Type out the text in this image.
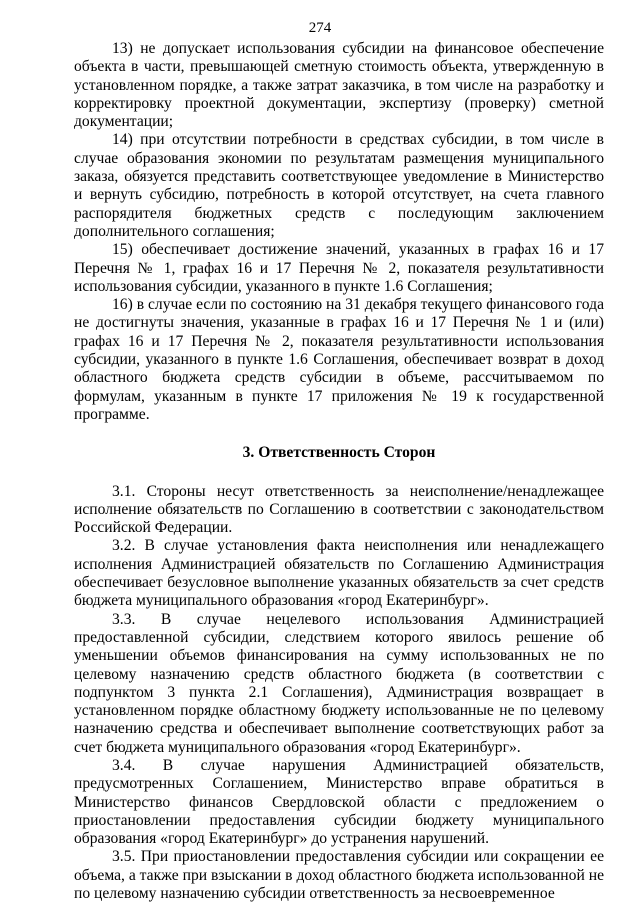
274

13) не допускает использования субсидии на финансовое обеспечение объекта в части, превышающей сметную стоимость объекта, утвержденную в установленном порядке, а также затрат заказчика, в том числе на разработку и корректировку проектной документации, экспертизу (проверку) сметной документации;

14) при отсутствии потребности в средствах субсидии, в том числе в случае образования экономии по результатам размещения муниципального заказа, обязуется представить соответствующее уведомление в Министерство и вернуть субсидию, потребность в которой отсутствует, на счета главного распорядителя бюджетных средств с последующим заключением дополнительного соглашения;

15) обеспечивает достижение значений, указанных в графах 16 и 17 Перечня № 1, графах 16 и 17 Перечня № 2, показателя результативности использования субсидии, указанного в пункте 1.6 Соглашения;

16) в случае если по состоянию на 31 декабря текущего финансового года не достигнуты значения, указанные в графах 16 и 17 Перечня № 1 и (или) графах 16 и 17 Перечня № 2, показателя результативности использования субсидии, указанного в пункте 1.6 Соглашения, обеспечивает возврат в доход областного бюджета средств субсидии в объеме, рассчитываемом по формулам, указанным в пункте 17 приложения № 19 к государственной программе.

3. Ответственность Сторон

3.1. Стороны несут ответственность за неисполнение/ненадлежащее исполнение обязательств по Соглашению в соответствии с законодательством Российской Федерации.

3.2. В случае установления факта неисполнения или ненадлежащего исполнения Администрацией обязательств по Соглашению Администрация обеспечивает безусловное выполнение указанных обязательств за счет средств бюджета муниципального образования «город Екатеринбург».

3.3. В случае нецелевого использования Администрацией предоставленной субсидии, следствием которого явилось решение об уменьшении объемов финансирования на сумму использованных не по целевому назначению средств областного бюджета (в соответствии с подпунктом 3 пункта 2.1 Соглашения), Администрация возвращает в установленном порядке областному бюджету использованные не по целевому назначению средства и обеспечивает выполнение соответствующих работ за счет бюджета муниципального образования «город Екатеринбург».

3.4. В случае нарушения Администрацией обязательств, предусмотренных Соглашением, Министерство вправе обратиться в Министерство финансов Свердловской области с предложением о приостановлении предоставления субсидии бюджету муниципального образования «город Екатеринбург» до устранения нарушений.

3.5. При приостановлении предоставления субсидии или сокращении ее объема, а также при взыскании в доход областного бюджета использованной не по целевому назначению субсидии ответственность за несвоевременное
